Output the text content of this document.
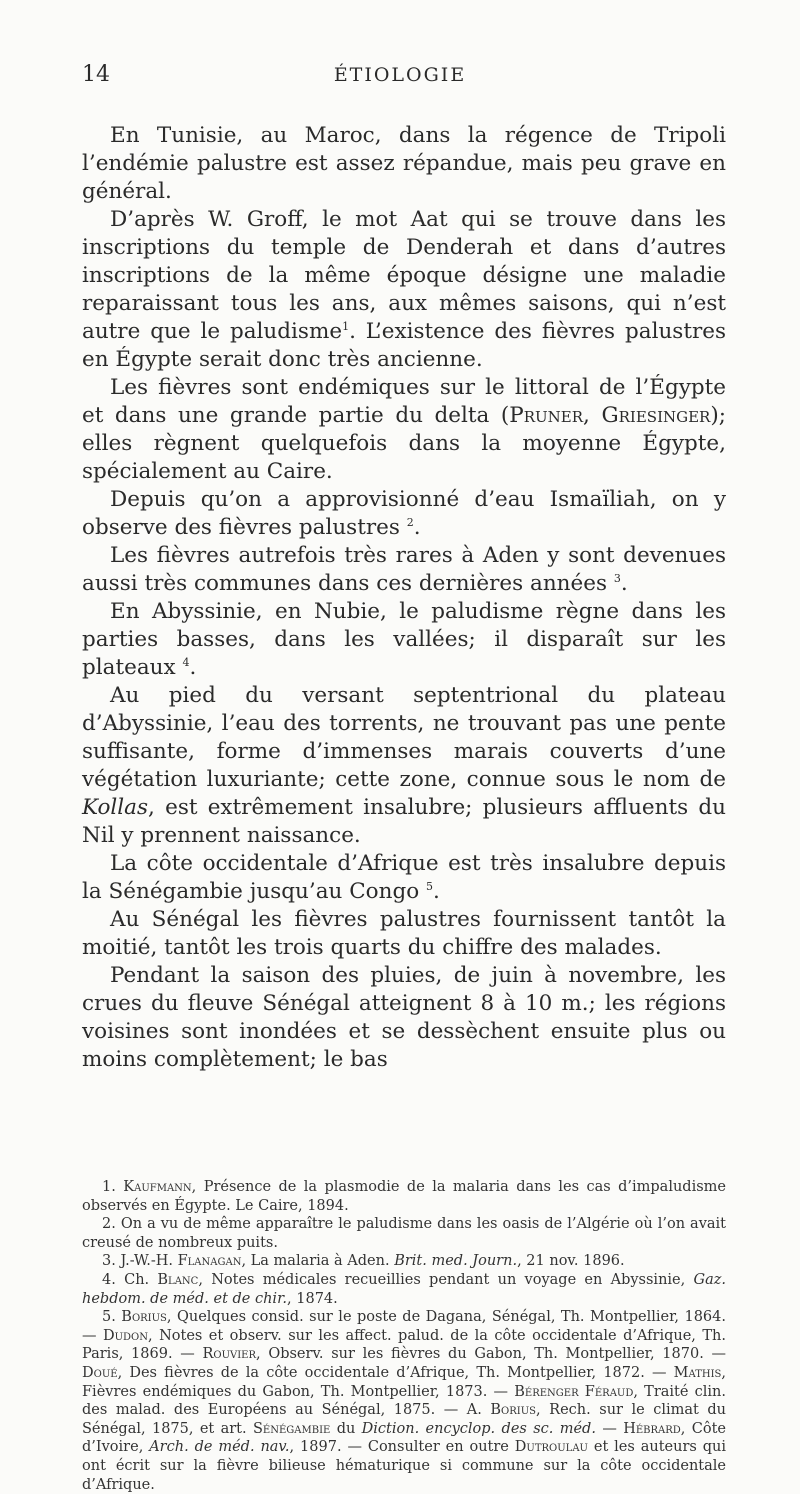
14	ÉTIOLOGIE

En Tunisie, au Maroc, dans la régence de Tripoli l’endémie palustre est assez répandue, mais peu grave en général.

D’après W. Groff, le mot Aat qui se trouve dans les inscriptions du temple de Denderah et dans d’autres inscriptions de la même époque désigne une maladie reparaissant tous les ans, aux mêmes saisons, qui n’est autre que le paludisme$^1$. L’existence des fièvres palustres en Égypte serait donc très ancienne.

Les fièvres sont endémiques sur le littoral de l’Égypte et dans une grande partie du delta (Pruner, Griesinger); elles règnent quelquefois dans la moyenne Égypte, spécialement au Caire.

Depuis qu’on a approvisionné d’eau Ismaïliah, on y observe des fièvres palustres $^2$.

Les fièvres autrefois très rares à Aden y sont devenues aussi très communes dans ces dernières années $^3$.

En Abyssinie, en Nubie, le paludisme règne dans les parties basses, dans les vallées; il disparaît sur les plateaux $^4$.

Au pied du versant septentrional du plateau d’Abyssinie, l’eau des torrents, ne trouvant pas une pente suffisante, forme d’immenses marais couverts d’une végétation luxuriante; cette zone, connue sous le nom de Kollas, est extrêmement insalubre; plusieurs affluents du Nil y prennent naissance.

La côte occidentale d’Afrique est très insalubre depuis la Sénégambie jusqu’au Congo $^5$.

Au Sénégal les fièvres palustres fournissent tantôt la moitié, tantôt les trois quarts du chiffre des malades.

Pendant la saison des pluies, de juin à novembre, les crues du fleuve Sénégal atteignent 8 à 10 m.; les régions voisines sont inondées et se dessèchent ensuite plus ou moins complètement; le bas

1. Kaufmann, Présence de la plasmodie de la malaria dans les cas d’impaludisme observés en Égypte. Le Caire, 1894.

2. On a vu de même apparaître le paludisme dans les oasis de l’Algérie où l’on avait creusé de nombreux puits.

3. J.-W.-H. Flanagan, La malaria à Aden. Brit. med. Journ., 21 nov. 1896.

4. Ch. Blanc, Notes médicales recueillies pendant un voyage en Abyssinie, Gaz. hebdom. de méd. et de chir., 1874.

5. Borius, Quelques consid. sur le poste de Dagana, Sénégal, Th. Montpellier, 1864. — Dudon, Notes et observ. sur les affect. palud. de la côte occidentale d’Afrique, Th. Paris, 1869. — Rouvier, Observ. sur les fièvres du Gabon, Th. Montpellier, 1870. — Doué, Des fièvres de la côte occidentale d’Afrique, Th. Montpellier, 1872. — Mathis, Fièvres endémiques du Gabon, Th. Montpellier, 1873. — Bérenger Féraud, Traité clin. des malad. des Européens au Sénégal, 1875. — A. Borius, Rech. sur le climat du Sénégal, 1875, et art. Sénégambie du Diction. encyclop. des sc. méd. — Hébrard, Côte d’Ivoire, Arch. de méd. nav., 1897. — Consulter en outre Dutroulau et les auteurs qui ont écrit sur la fièvre bilieuse hématurique si commune sur la côte occidentale d’Afrique.
